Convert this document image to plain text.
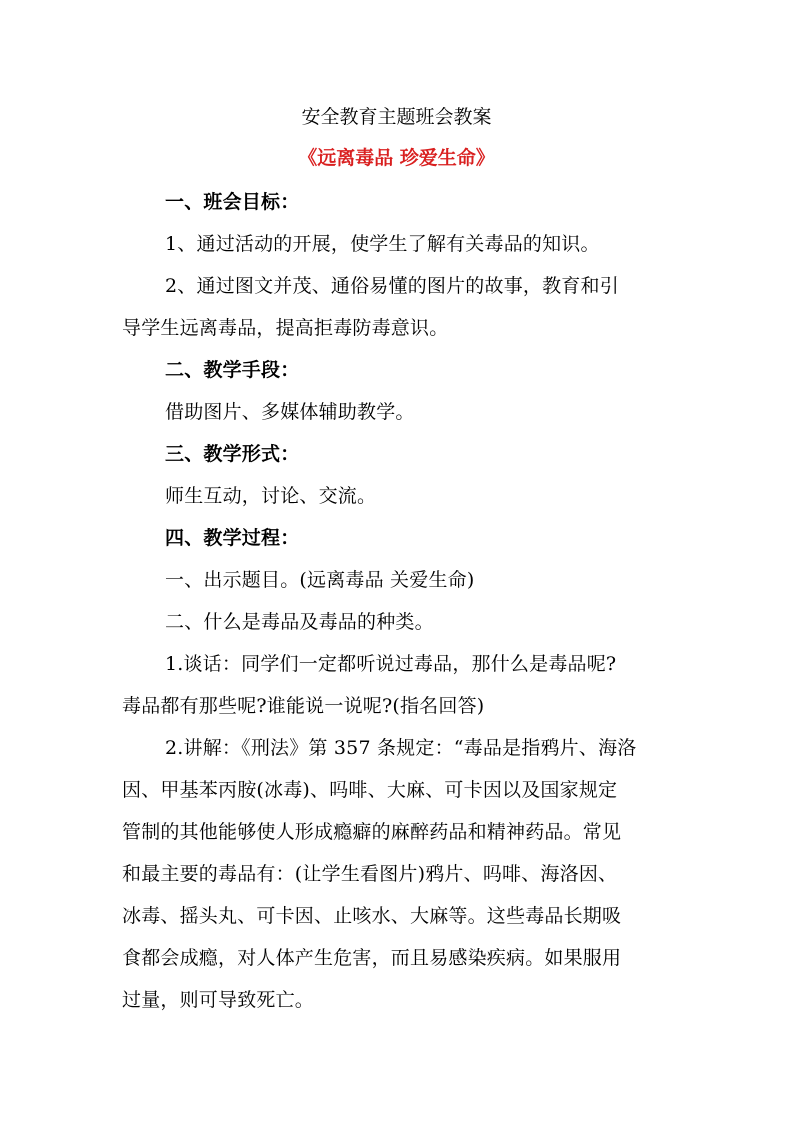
安全教育主题班会教案
《远离毒品 珍爱生命》
一、班会目标：
1、通过活动的开展，使学生了解有关毒品的知识。
2、通过图文并茂、通俗易懂的图片的故事，教育和引
导学生远离毒品，提高拒毒防毒意识。
二、教学手段：
借助图片、多媒体辅助教学。
三、教学形式：
师生互动，讨论、交流。
四、教学过程：
一、出示题目。(远离毒品 关爱生命)
二、什么是毒品及毒品的种类。
1.谈话：同学们一定都听说过毒品，那什么是毒品呢?
毒品都有那些呢?谁能说一说呢?(指名回答)
2.讲解：《刑法》第 357 条规定：“毒品是指鸦片、海洛
因、甲基苯丙胺(冰毒)、吗啡、大麻、可卡因以及国家规定
管制的其他能够使人形成瘾癖的麻醉药品和精神药品。常见
和最主要的毒品有：(让学生看图片)鸦片、吗啡、海洛因、
冰毒、摇头丸、可卡因、止咳水、大麻等。这些毒品长期吸
食都会成瘾，对人体产生危害，而且易感染疾病。如果服用
过量，则可导致死亡。
